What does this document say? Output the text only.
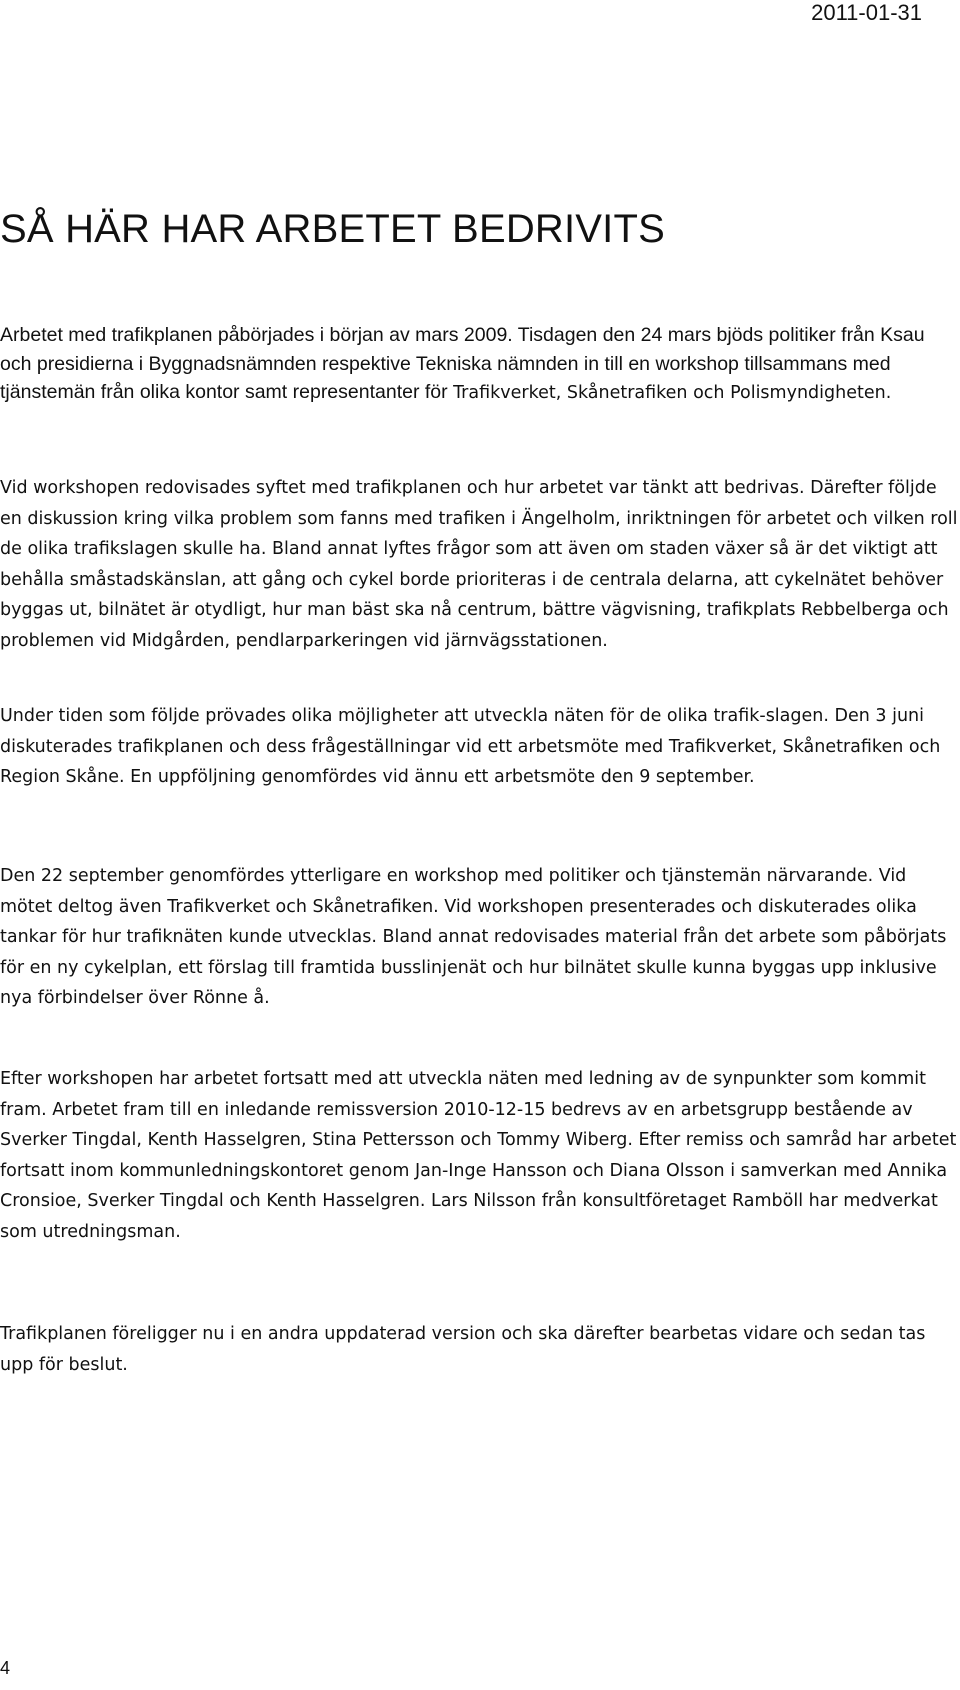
2011-01-31
SÅ HÄR HAR ARBETET BEDRIVITS

Arbetet med trafikplanen påbörjades i början av mars 2009. Tisdagen den 24 mars bjöds politiker från Ksau och presidierna i Byggnadsnämnden respektive Tekniska nämnden in till en workshop tillsammans med tjänstemän från olika kontor samt representanter för Trafikverket, Skånetrafiken och Polismyndigheten.

Vid workshopen redovisades syftet med trafikplanen och hur arbetet var tänkt att bedrivas. Därefter följde en diskussion kring vilka problem som fanns med trafiken i Ängelholm, inriktningen för arbetet och vilken roll de olika trafikslagen skulle ha. Bland annat lyftes frågor som att även om staden växer så är det viktigt att behålla småstadskänslan, att gång och cykel borde prioriteras i de centrala delarna, att cykelnätet behöver byggas ut, bilnätet är otydligt, hur man bäst ska nå centrum, bättre vägvisning, trafikplats Rebbelberga och problemen vid Midgården, pendlarparkeringen vid järnvägsstationen.

Under tiden som följde prövades olika möjligheter att utveckla näten för de olika trafik-slagen. Den 3 juni diskuterades trafikplanen och dess frågeställningar vid ett arbetsmöte med Trafikverket, Skånetrafiken och Region Skåne. En uppföljning genomfördes vid ännu ett arbetsmöte den 9 september.

Den 22 september genomfördes ytterligare en workshop med politiker och tjänstemän närvarande. Vid mötet deltog även Trafikverket och Skånetrafiken. Vid workshopen presenterades och diskuterades olika tankar för hur trafiknäten kunde utvecklas. Bland annat redovisades material från det arbete som påbörjats för en ny cykelplan, ett förslag till framtida busslinjenät och hur bilnätet skulle kunna byggas upp inklusive nya förbindelser över Rönne å.

Efter workshopen har arbetet fortsatt med att utveckla näten med ledning av de synpunkter som kommit fram. Arbetet fram till en inledande remissversion 2010-12-15 bedrevs av en arbetsgrupp bestående av Sverker Tingdal, Kenth Hasselgren, Stina Pettersson och Tommy Wiberg. Efter remiss och samråd har arbetet fortsatt inom kommunledningskontoret genom Jan-Inge Hansson och Diana Olsson i samverkan med Annika Cronsioe, Sverker Tingdal och Kenth Hasselgren. Lars Nilsson från konsultföretaget Ramböll har medverkat som utredningsman.

Trafikplanen föreligger nu i en andra uppdaterad version och ska därefter bearbetas vidare och sedan tas upp för beslut.

4
